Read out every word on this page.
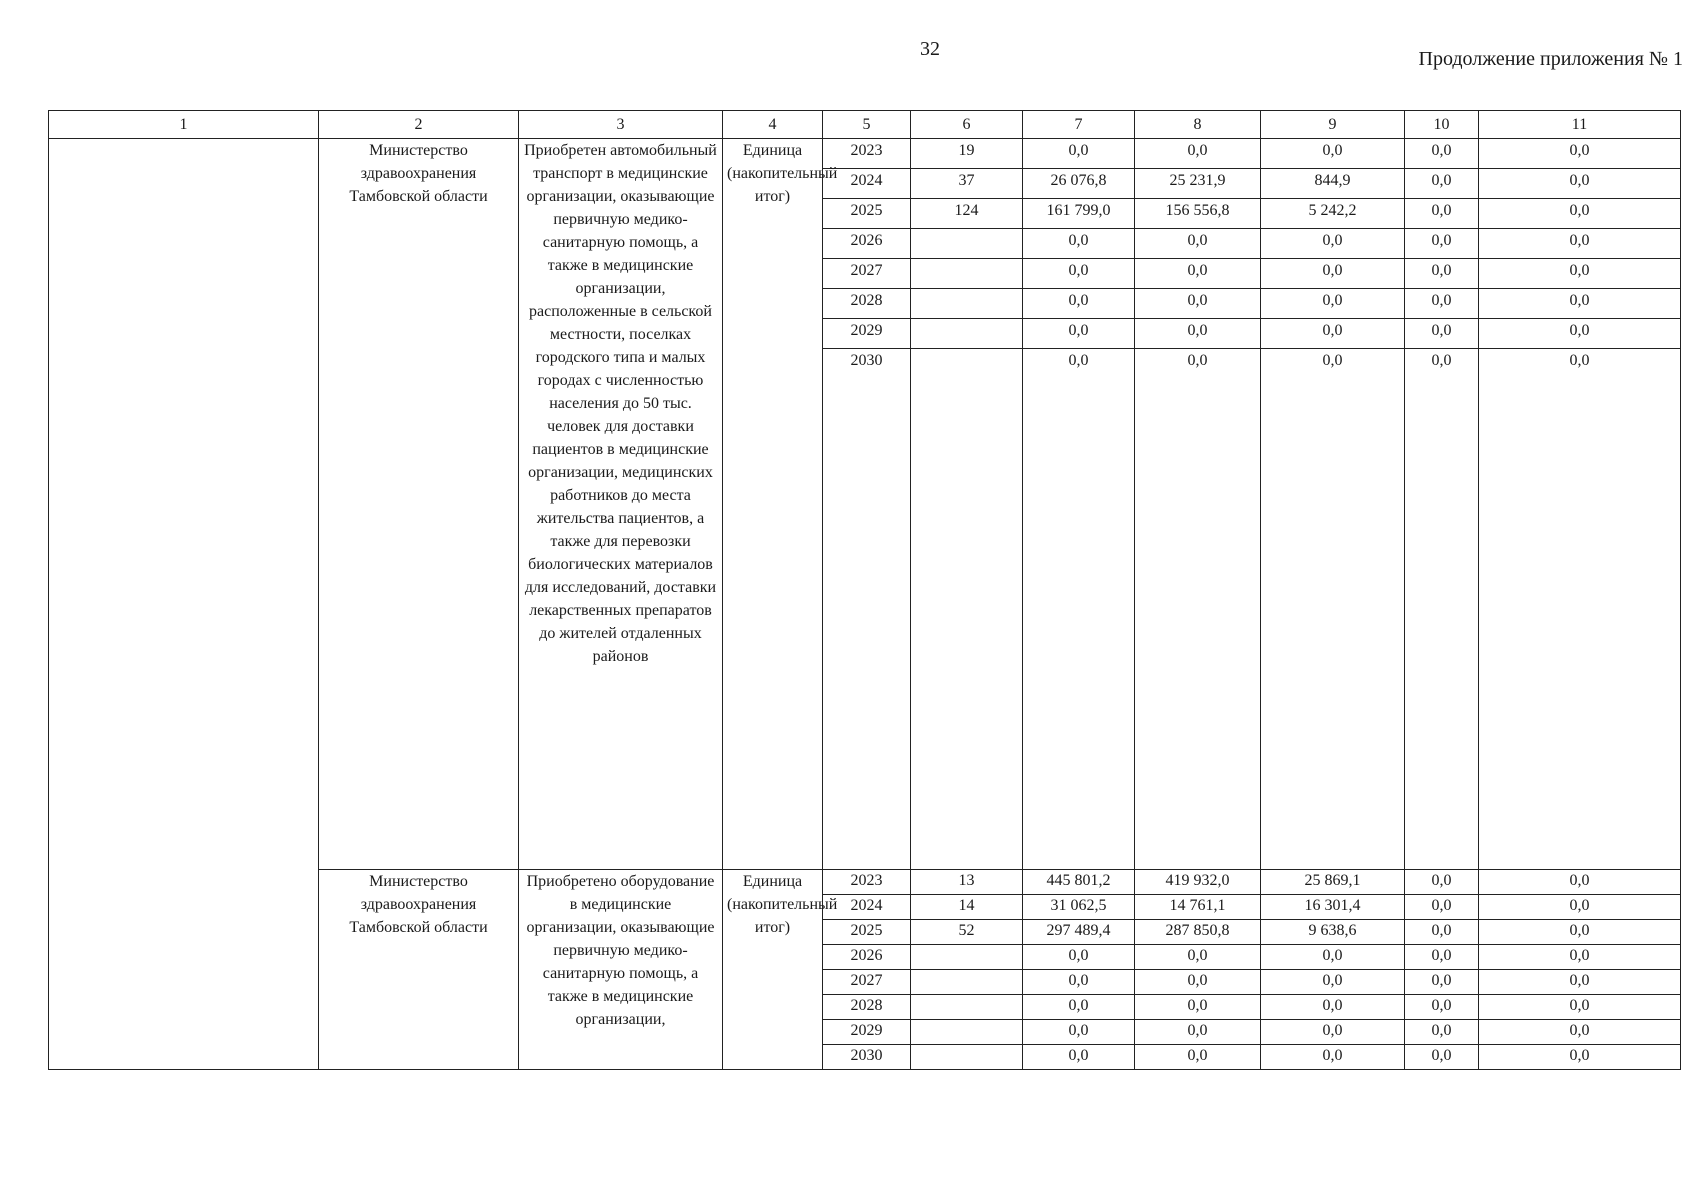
32	Продолжение приложения № 1
1	2	3	4	5	6	7	8	9	10	11
	Министерство здравоохранения Тамбовской области	Приобретен автомобильный транспорт в медицинские организации, оказывающие первичную медико-санитарную помощь, а также в медицинские организации, расположенные в сельской местности, поселках городского типа и малых городах с численностью населения до 50 тыс. человек для доставки пациентов в медицинские организации, медицинских работников до места жительства пациентов, а также для перевозки биологических материалов для исследований, доставки лекарственных препаратов до жителей отдаленных районов	Единица (накопительный итог)	2023	19	0,0	0,0	0,0	0,0	0,0
				2024	37	26 076,8	25 231,9	844,9	0,0	0,0
				2025	124	161 799,0	156 556,8	5 242,2	0,0	0,0
				2026		0,0	0,0	0,0	0,0	0,0
				2027		0,0	0,0	0,0	0,0	0,0
				2028		0,0	0,0	0,0	0,0	0,0
				2029		0,0	0,0	0,0	0,0	0,0
				2030		0,0	0,0	0,0	0,0	0,0
	Министерство здравоохранения Тамбовской области	Приобретено оборудование в медицинские организации, оказывающие первичную медико-санитарную помощь, а также в медицинские организации,	Единица (накопительный итог)	2023	13	445 801,2	419 932,0	25 869,1	0,0	0,0
				2024	14	31 062,5	14 761,1	16 301,4	0,0	0,0
				2025	52	297 489,4	287 850,8	9 638,6	0,0	0,0
				2026		0,0	0,0	0,0	0,0	0,0
				2027		0,0	0,0	0,0	0,0	0,0
				2028		0,0	0,0	0,0	0,0	0,0
				2029		0,0	0,0	0,0	0,0	0,0
				2030		0,0	0,0	0,0	0,0	0,0
